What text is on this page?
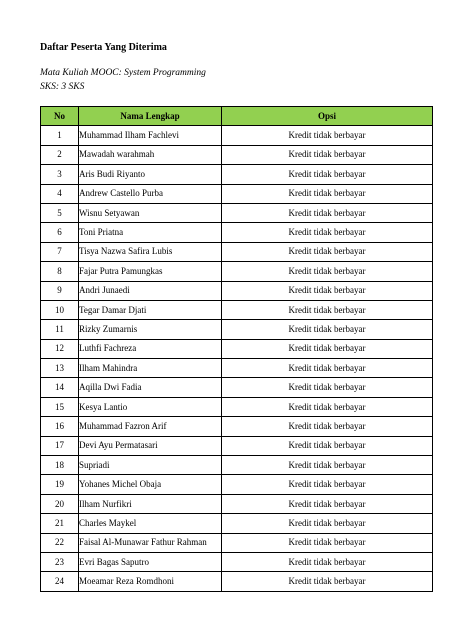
Daftar Peserta Yang Diterima
Mata Kuliah MOOC: System Programming
SKS: 3 SKS
No	Nama Lengkap	Opsi
1	Muhammad Ilham Fachlevi	Kredit tidak berbayar
2	Mawadah warahmah	Kredit tidak berbayar
3	Aris Budi Riyanto	Kredit tidak berbayar
4	Andrew Castello Purba	Kredit tidak berbayar
5	Wisnu Setyawan	Kredit tidak berbayar
6	Toni Priatna	Kredit tidak berbayar
7	Tisya Nazwa Safira Lubis	Kredit tidak berbayar
8	Fajar Putra Pamungkas	Kredit tidak berbayar
9	Andri Junaedi	Kredit tidak berbayar
10	Tegar Damar Djati	Kredit tidak berbayar
11	Rizky Zumarnis	Kredit tidak berbayar
12	Luthfi Fachreza	Kredit tidak berbayar
13	Ilham Mahindra	Kredit tidak berbayar
14	Aqilla Dwi Fadia	Kredit tidak berbayar
15	Kesya Lantio	Kredit tidak berbayar
16	Muhammad Fazron Arif	Kredit tidak berbayar
17	Devi Ayu Permatasari	Kredit tidak berbayar
18	Supriadi	Kredit tidak berbayar
19	Yohanes Michel Obaja	Kredit tidak berbayar
20	Ilham Nurfikri	Kredit tidak berbayar
21	Charles Maykel	Kredit tidak berbayar
22	Faisal Al-Munawar Fathur Rahman	Kredit tidak berbayar
23	Evri Bagas Saputro	Kredit tidak berbayar
24	Moeamar Reza Romdhoni	Kredit tidak berbayar
